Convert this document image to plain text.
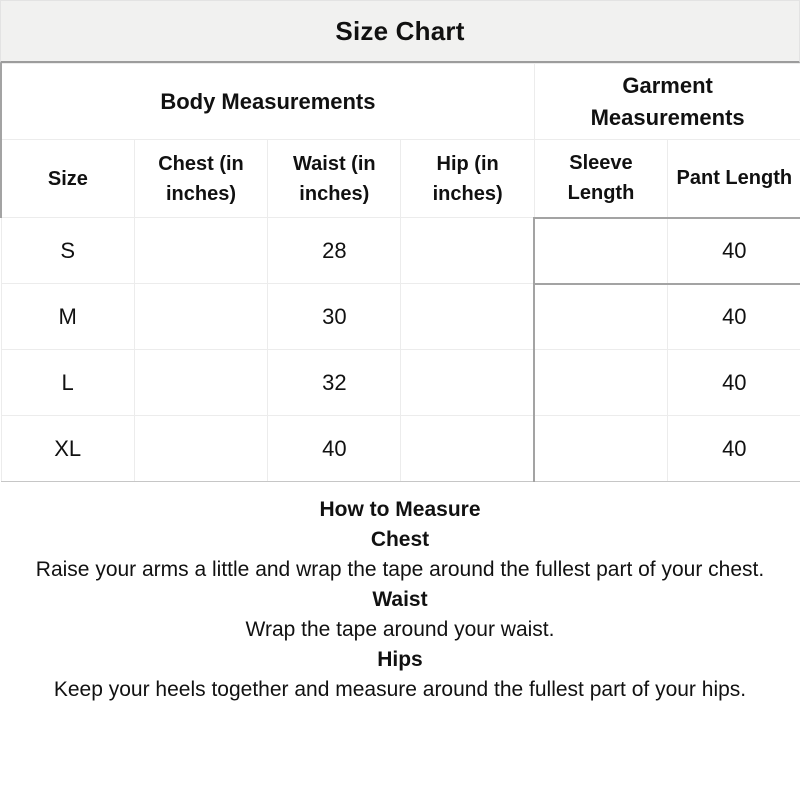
Size Chart
Body Measurements				Garment Measurements	
Size	Chest (in inches)	Waist (in inches)	Hip (in inches)	Sleeve Length	Pant Length
S		28			40
M		30			40
L		32			40
XL		40			40
How to Measure
Chest

Raise your arms a little and wrap the tape around the fullest part of your chest.

Waist

Wrap the tape around your waist.

Hips

Keep your heels together and measure around the fullest part of your hips.
